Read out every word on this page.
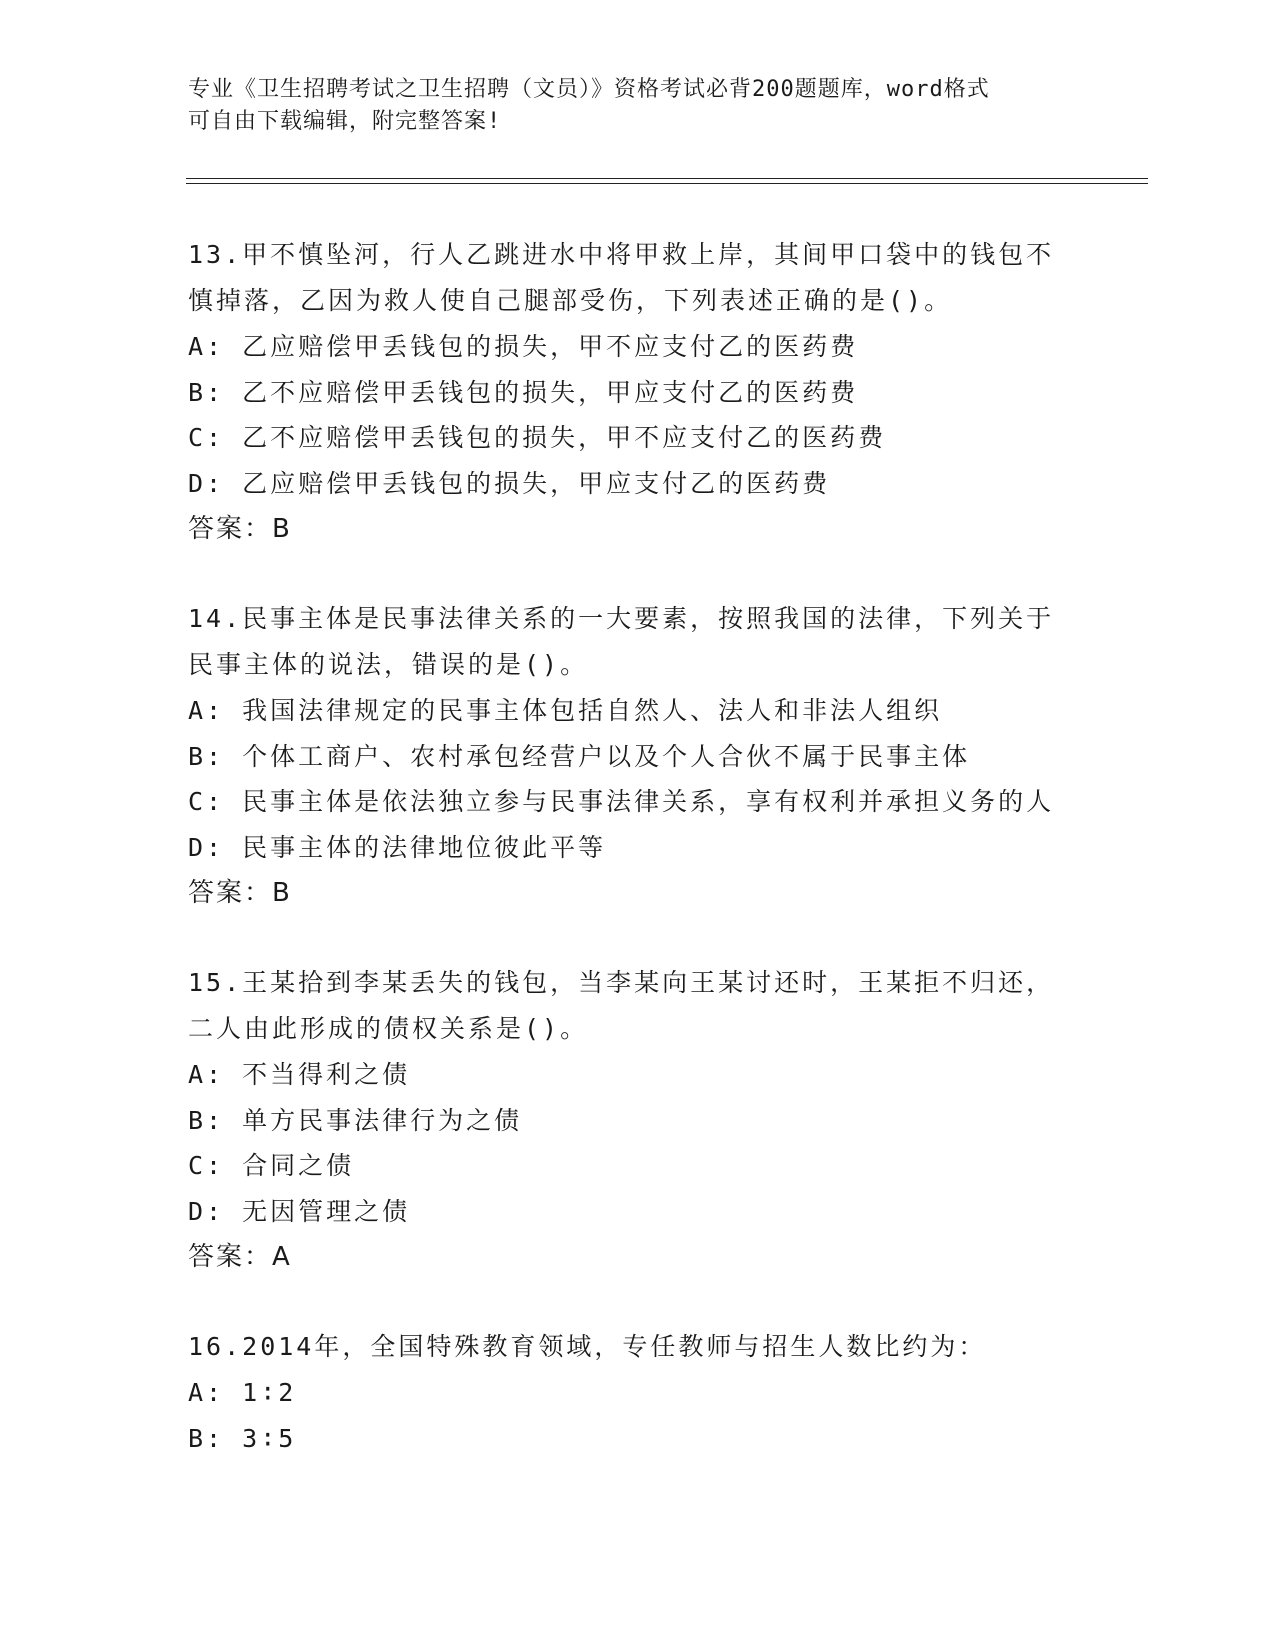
专业《卫生招聘考试之卫生招聘（文员）》资格考试必背200题题库，word格式
可自由下载编辑，附完整答案!
13.甲不慎坠河，行人乙跳进水中将甲救上岸，其间甲口袋中的钱包不
慎掉落，乙因为救人使自己腿部受伤，下列表述正确的是()。
A: 乙应赔偿甲丢钱包的损失，甲不应支付乙的医药费
B: 乙不应赔偿甲丢钱包的损失，甲应支付乙的医药费
C: 乙不应赔偿甲丢钱包的损失，甲不应支付乙的医药费
D: 乙应赔偿甲丢钱包的损失，甲应支付乙的医药费
答案：B
14.民事主体是民事法律关系的一大要素，按照我国的法律，下列关于
民事主体的说法，错误的是()。
A: 我国法律规定的民事主体包括自然人、法人和非法人组织
B: 个体工商户、农村承包经营户以及个人合伙不属于民事主体
C: 民事主体是依法独立参与民事法律关系，享有权利并承担义务的人
D: 民事主体的法律地位彼此平等
答案：B
15.王某拾到李某丢失的钱包，当李某向王某讨还时，王某拒不归还，
二人由此形成的债权关系是()。
A: 不当得利之债
B: 单方民事法律行为之债
C: 合同之债
D: 无因管理之债
答案：A
16.2014年，全国特殊教育领域，专任教师与招生人数比约为：
A: 1∶2
B: 3∶5
